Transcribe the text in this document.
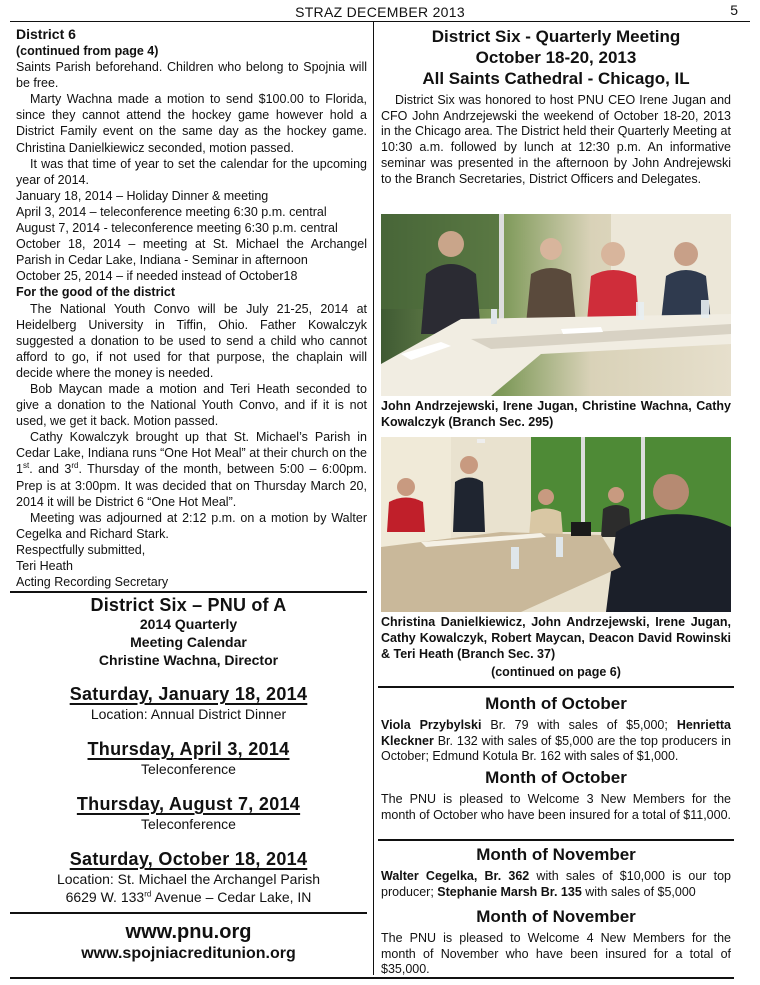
STRAZ DECEMBER 2013	5

District 6

(continued from page 4)

Saints Parish beforehand. Children who belong to Spojnia will be free.

Marty Wachna made a motion to send $100.00 to Florida, since they cannot attend the hockey game however hold a District Family event on the same day as the hockey game. Christina Danielkiewicz seconded, motion passed.

It was that time of year to set the calendar for the upcoming year of 2014.

January 18, 2014 – Holiday Dinner & meeting

April 3, 2014 – teleconference meeting 6:30 p.m. central

August 7, 2014 - teleconference meeting 6:30 p.m. central

October 18, 2014 – meeting at St. Michael the Archangel Parish in Cedar Lake, Indiana - Seminar in afternoon

October 25, 2014 – if needed instead of October18

For the good of the district

The National Youth Convo will be July 21-25, 2014 at Heidelberg University in Tiffin, Ohio. Father Kowalczyk suggested a donation to be used to send a child who cannot afford to go, if not used for that purpose, the chaplain will decide where the money is needed.

Bob Maycan made a motion and Teri Heath seconded to give a donation to the National Youth Convo, and if it is not used, we get it back. Motion passed.

Cathy Kowalczyk brought up that St. Michael’s Parish in Cedar Lake, Indiana runs “One Hot Meal” at their church on the 1st. and 3rd. Thursday of the month, between 5:00 – 6:00pm. Prep is at 3:00pm. It was decided that on Thursday March 20, 2014 it will be District 6 “One Hot Meal”.

Meeting was adjourned at 2:12 p.m. on a motion by Walter Cegelka and Richard Stark.

Respectfully submitted,

Teri Heath

Acting Recording Secretary

District Six – PNU of A
2014 Quarterly
Meeting Calendar
Christine Wachna, Director
Saturday, January 18, 2014
Location: Annual District Dinner
Thursday, April 3, 2014
Teleconference
Thursday, August 7, 2014
Teleconference
Saturday, October 18, 2014
Location: St. Michael the Archangel Parish
6629 W. 133rd Avenue – Cedar Lake, IN
www.pnu.org
www.spojniacreditunion.org
District Six - Quarterly Meeting
October 18-20, 2013
All Saints Cathedral - Chicago, IL

District Six was honored to host PNU CEO Irene Jugan and CFO John Andrzejewski the weekend of October 18-20, 2013 in the Chicago area. The District held their Quarterly Meeting at 10:30 a.m. followed by lunch at 12:30 p.m. An informative seminar was presented in the afternoon by John Andrejewski to the Branch Secretaries, District Officers and Delegates.

John Andrzejewski, Irene Jugan, Christine Wachna, Cathy Kowalczyk (Branch Sec. 295)
Christina Danielkiewicz, John Andrzejewski, Irene Jugan, Cathy Kowalczyk, Robert Maycan, Deacon David Rowinski & Teri Heath (Branch Sec. 37)
(continued on page 6)
Month of October
Viola Przybylski Br. 79 with sales of $5,000; Henrietta Kleckner Br. 132 with sales of $5,000 are the top producers in October; Edmund Kotula Br. 162 with sales of $1,000.
Month of October
The PNU is pleased to Welcome 3 New Members for the month of October who have been insured for a total of $11,000.
Month of November
Walter Cegelka, Br. 362 with sales of $10,000 is our top producer; Stephanie Marsh Br. 135 with sales of $5,000
Month of November
The PNU is pleased to Welcome 4 New Members for the month of November who have been insured for a total of $35,000.
